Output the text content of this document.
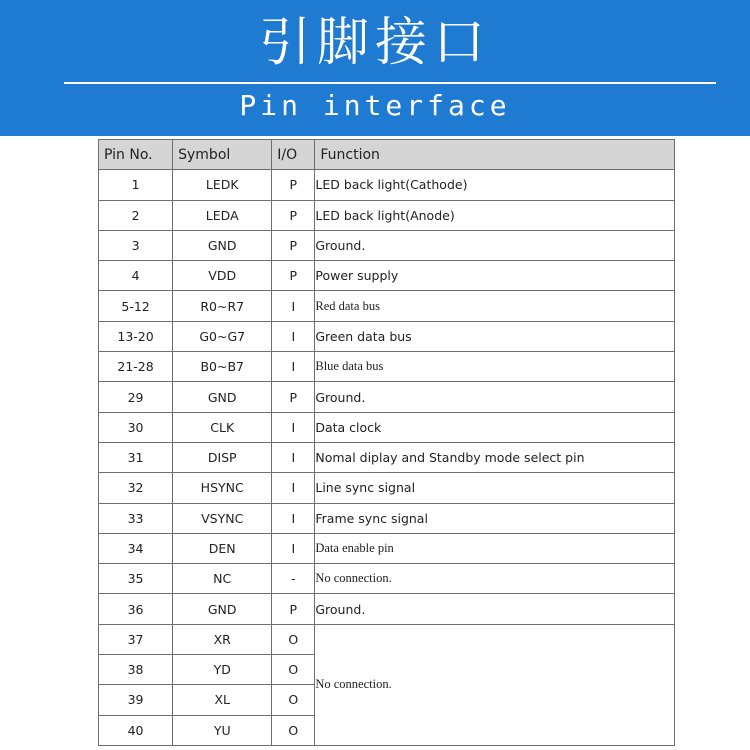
引脚接口
Pin interface
Pin No.	Symbol	I/O	Function
1	LEDK	P	LED back light(Cathode)
2	LEDA	P	LED back light(Anode)
3	GND	P	Ground.
4	VDD	P	Power supply
5-12	R0~R7	I	Red data bus
13-20	G0~G7	I	Green data bus
21-28	B0~B7	I	Blue data bus
29	GND	P	Ground.
30	CLK	I	Data clock
31	DISP	I	Nomal diplay and Standby mode select pin
32	HSYNC	I	Line sync signal
33	VSYNC	I	Frame sync signal
34	DEN	I	Data enable pin
35	NC	-	No connection.
36	GND	P	Ground.
37	XR	O	No connection.
38	YD	O	
39	XL	O	
40	YU	O	
